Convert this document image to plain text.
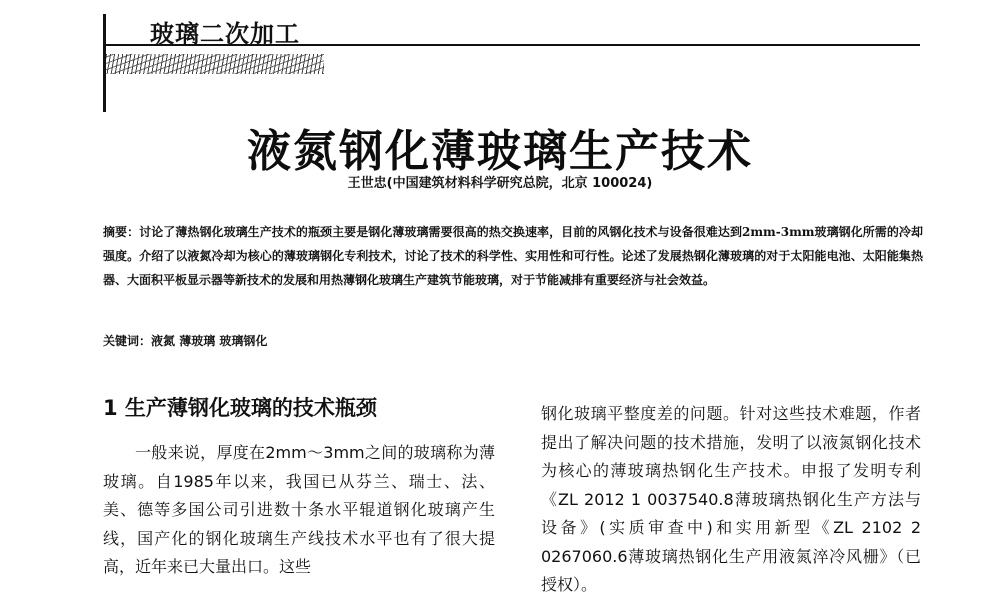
玻璃二次加工
液氮钢化薄玻璃生产技术
王世忠(中国建筑材料科学研究总院，北京 100024)
摘要：讨论了薄热钢化玻璃生产技术的瓶颈主要是钢化薄玻璃需要很高的热交换速率，目前的风钢化技术与设备很难达到2mm-3mm玻璃钢化所需的冷却强度。介绍了以液氮冷却为核心的薄玻璃钢化专利技术，讨论了技术的科学性、实用性和可行性。论述了发展热钢化薄玻璃的对于太阳能电池、太阳能集热器、大面积平板显示器等新技术的发展和用热薄钢化玻璃生产建筑节能玻璃，对于节能减排有重要经济与社会效益。
关键词：液氮 薄玻璃 玻璃钢化
1 生产薄钢化玻璃的技术瓶颈

一般来说，厚度在2mm～3mm之间的玻璃称为薄玻璃。自1985年以来，我国已从芬兰、瑞士、法、美、德等多国公司引进数十条水平辊道钢化玻璃产生线，国产化的钢化玻璃生产线技术水平也有了很大提高，近年来已大量出口。这些

钢化玻璃平整度差的问题。针对这些技术难题，作者提出了解决问题的技术措施，发明了以液氮钢化技术为核心的薄玻璃热钢化生产技术。申报了发明专利《ZL 2012 1 0037540.8薄玻璃热钢化生产方法与设备》(实质审查中)和实用新型《ZL 2102 2 0267060.6薄玻璃热钢化生产用液氮淬冷风栅》（已授权）。
